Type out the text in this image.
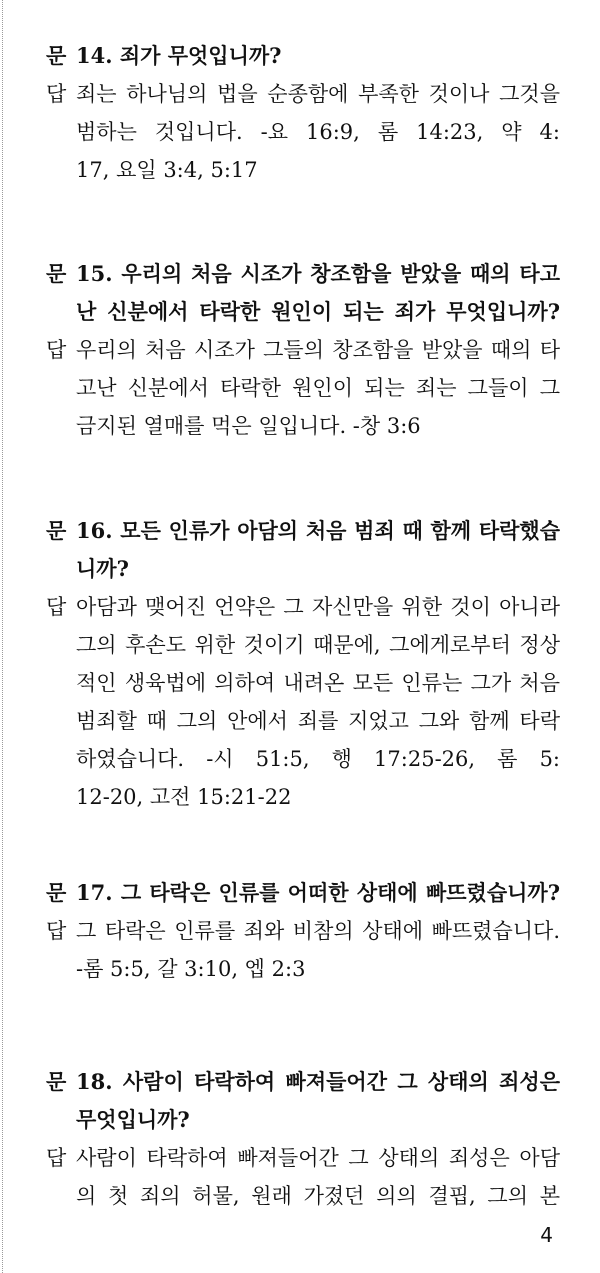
문 14. 죄가 무엇입니까?
답 죄는 하나님의 법을 순종함에 부족한 것이나 그것을
범하는 것입니다. -요 16:9, 롬 14:23, 약 4:
17, 요일 3:4, 5:17
문 15. 우리의 처음 시조가 창조함을 받았을 때의 타고
난 신분에서 타락한 원인이 되는 죄가 무엇입니까?
답 우리의 처음 시조가 그들의 창조함을 받았을 때의 타
고난 신분에서 타락한 원인이 되는 죄는 그들이 그
금지된 열매를 먹은 일입니다. -창 3:6
문 16. 모든 인류가 아담의 처음 범죄 때 함께 타락했습
니까?
답 아담과 맺어진 언약은 그 자신만을 위한 것이 아니라
그의 후손도 위한 것이기 때문에, 그에게로부터 정상
적인 생육법에 의하여 내려온 모든 인류는 그가 처음
범죄할 때 그의 안에서 죄를 지었고 그와 함께 타락
하였습니다. -시 51:5, 행 17:25-26, 롬 5:
12-20, 고전 15:21-22
문 17. 그 타락은 인류를 어떠한 상태에 빠뜨렸습니까?
답 그 타락은 인류를 죄와 비참의 상태에 빠뜨렸습니다.
-롬 5:5, 갈 3:10, 엡 2:3
문 18. 사람이 타락하여 빠져들어간 그 상태의 죄성은
무엇입니까?
답 사람이 타락하여 빠져들어간 그 상태의 죄성은 아담
의 첫 죄의 허물, 원래 가졌던 의의 결핍, 그의 본
4
